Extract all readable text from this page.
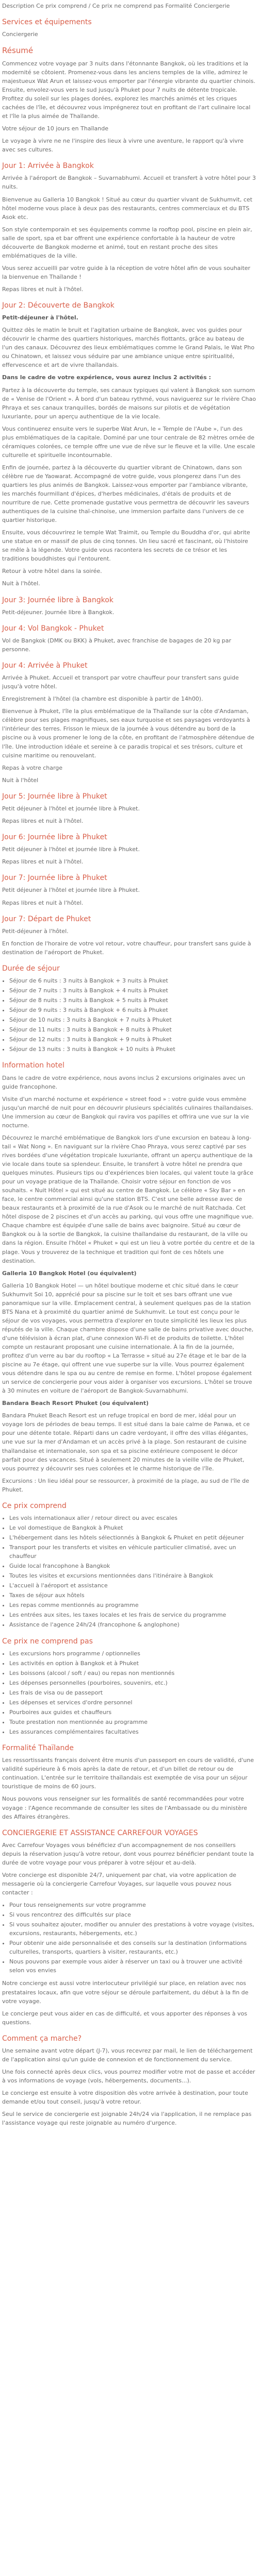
Description Ce prix comprend / Ce prix ne comprend pas Formalité Conciergerie

Services et équipements

Conciergerie

Résumé

Commencez votre voyage par 3 nuits dans l'étonnante Bangkok, où les traditions et la modernité se côtoient. Promenez-vous dans les anciens temples de la ville, admirez le majestueux Wat Arun et laissez-vous emporter par l'énergie vibrante du quartier chinois. Ensuite, envolez-vous vers le sud jusqu'à Phuket pour 7 nuits de détente tropicale. Profitez du soleil sur les plages dorées, explorez les marchés animés et les criques cachées de l'île, et découvrez vous imprégnerez tout en profitant de l'art culinaire local et l'île la plus aimée de Thaïlande.

Votre séjour de 10 jours en Thaïlande

Le voyage à vivre ne ne l'inspire des lieux à vivre une aventure, le rapport qu'à vivre avec ses cultures.

Jour 1: Arrivée à Bangkok

Arrivée à l'aéroport de Bangkok – Suvarnabhumi. Accueil et transfert à votre hôtel pour 3 nuits.

Bienvenue au Galleria 10 Bangkok ! Situé au cœur du quartier vivant de Sukhumvit, cet hôtel moderne vous place à deux pas des restaurants, centres commerciaux et du BTS Asok etc.

Son style contemporain et ses équipements comme la rooftop pool, piscine en plein air, salle de sport, spa et bar offrent une expérience confortable à la hauteur de votre découverte de Bangkok moderne et animé, tout en restant proche des sites emblématiques de la ville.

Vous serez accueilli par votre guide à la réception de votre hôtel afin de vous souhaiter la bienvenue en Thaïlande !

Repas libres et nuit à l'hôtel.

Jour 2: Découverte de Bangkok

Petit-déjeuner à l'hôtel.

Quittez dès le matin le bruit et l'agitation urbaine de Bangkok, avec vos guides pour découvrir le charme des quartiers historiques, marchés flottants, grâce au bateau de l'un des canaux. Découvrez des lieux emblématiques comme le Grand Palais, le Wat Pho ou Chinatown, et laissez vous séduire par une ambiance unique entre spiritualité, effervescence et art de vivre thaïlandais.

Dans le cadre de votre expérience, vous aurez inclus 2 activités :

Partez à la découverte du temple, ses canaux typiques qui valent à Bangkok son surnom de « Venise de l'Orient ». À bord d'un bateau rythmé, vous naviguerez sur le rivière Chao Phraya et ses canaux tranquilles, bordés de maisons sur pilotis et de végétation luxuriante, pour un aperçu authentique de la vie locale.

Vous continuerez ensuite vers le superbe Wat Arun, le « Temple de l'Aube », l'un des plus emblématiques de la capitale. Dominé par une tour centrale de 82 mètres ornée de céramiques colorées, ce temple offre une vue de rêve sur le fleuve et la ville. Une escale culturelle et spirituelle incontournable.

Enfin de journée, partez à la découverte du quartier vibrant de Chinatown, dans son célèbre rue de Yaowarat. Accompagné de votre guide, vous plongerez dans l'un des quartiers les plus animés de Bangkok. Laissez-vous emporter par l'ambiance vibrante, les marchés fourmillant d'épices, d'herbes médicinales, d'étals de produits et de nourriture de rue. Cette promenade gustative vous permettra de découvrir les saveurs authentiques de la cuisine thaï-chinoise, une immersion parfaite dans l'univers de ce quartier historique.

Ensuite, vous découvrirez le temple Wat Traimit, ou Temple du Bouddha d'or, qui abrite une statue en or massif de plus de cinq tonnes. Un lieu sacré et fascinant, où l'histoire se mêle à la légende. Votre guide vous racontera les secrets de ce trésor et les traditions bouddhistes qui l'entourent.

Retour à votre hôtel dans la soirée.

Nuit à l'hôtel.

Jour 3: Journée libre à Bangkok

Petit-déjeuner. Journée libre à Bangkok.

Jour 4: Vol Bangkok - Phuket

Vol de Bangkok (DMK ou BKK) à Phuket, avec franchise de bagages de 20 kg par personne.

Jour 4: Arrivée à Phuket

Arrivée à Phuket. Accueil et transport par votre chauffeur pour transfert sans guide jusqu'à votre hôtel.

Enregistrement à l'hôtel (la chambre est disponible à partir de 14h00).

Bienvenue à Phuket, l'île la plus emblématique de la Thaïlande sur la côte d'Andaman, célèbre pour ses plages magnifiques, ses eaux turquoise et ses paysages verdoyants à l'intérieur des terres. Frisson le mieux de la journée à vous détendre au bord de la piscine ou à vous promener le long de la côte, en profitant de l'atmosphère détendue de l'île. Une introduction idéale et sereine à ce paradis tropical et ses trésors, culture et cuisine maritime ou renouvelant.

Repas à votre charge

Nuit à l'hôtel

Jour 5: Journée libre à Phuket

Petit déjeuner à l'hôtel et journée libre à Phuket.

Repas libres et nuit à l'hôtel.

Jour 6: Journée libre à Phuket

Petit déjeuner à l'hôtel et journée libre à Phuket.

Repas libres et nuit à l'hôtel.

Jour 7: Journée libre à Phuket

Petit déjeuner à l'hôtel et journée libre à Phuket.

Repas libres et nuit à l'hôtel.

Jour 7: Départ de Phuket

Petit-déjeuner à l'hôtel.

En fonction de l'horaire de votre vol retour, votre chauffeur, pour transfert sans guide à destination de l'aéroport de Phuket.

Durée de séjour
• Séjour de 6 nuits : 3 nuits à Bangkok + 3 nuits à Phuket
• Séjour de 7 nuits : 3 nuits à Bangkok + 4 nuits à Phuket
• Séjour de 8 nuits : 3 nuits à Bangkok + 5 nuits à Phuket
• Séjour de 9 nuits : 3 nuits à Bangkok + 6 nuits à Phuket
• Séjour de 10 nuits : 3 nuits à Bangkok + 7 nuits à Phuket
• Séjour de 11 nuits : 3 nuits à Bangkok + 8 nuits à Phuket
• Séjour de 12 nuits : 3 nuits à Bangkok + 9 nuits à Phuket
• Séjour de 13 nuits : 3 nuits à Bangkok + 10 nuits à Phuket
Information hotel

Dans le cadre de votre expérience, nous avons inclus 2 excursions originales avec un guide francophone.

Visite d'un marché nocturne et expérience « street food » : votre guide vous emmène jusqu'un marché de nuit pour en découvrir plusieurs spécialités culinaires thaïlandaises. Une immersion au cœur de Bangkok qui ravira vos papilles et offrira une vue sur la vie nocturne.

Découvrez le marché emblématique de Bangkok lors d'une excursion en bateau à long-tail « Wat Nong ». En naviguant sur la rivière Chao Phraya, vous serez captivé par ses rives bordées d'une végétation tropicale luxuriante, offrant un aperçu authentique de la vie locale dans toute sa splendeur. Ensuite, le transfert à votre hôtel ne prendra que quelques minutes. Plusieurs tips ou d'expériences bien locales, qui valent toute la grâce pour un voyage pratique de la Thaïlande. Choisir votre séjour en fonction de vos souhaits. « Nuit Hôtel » qui est situé au centre de Bangkok. Le célèbre « Sky Bar » en face, le centre commercial ainsi qu'une station BTS. C'est une belle adresse avec de beaux restaurants et à proximité de la rue d'Asok ou le marché de nuit Ratchada. Cet hôtel dispose de 2 piscines et d'un accès au parking, qui vous offre une magnifique vue. Chaque chambre est équipée d'une salle de bains avec baignoire. Situé au cœur de Bangkok ou à la sortie de Bangkok, la cuisine thaïlandaise du restaurant, de la ville ou dans la région. Ensuite l'hôtel « Phuket » qui est un lieu à votre portée du centre et de la plage. Vous y trouverez de la technique et tradition qui font de ces hôtels une destination.

Galleria 10 Bangkok Hotel (ou équivalent)

Galleria 10 Bangkok Hotel — un hôtel boutique moderne et chic situé dans le cœur Sukhumvit Soi 10, apprécié pour sa piscine sur le toit et ses bars offrant une vue panoramique sur la ville. Emplacement central, à seulement quelques pas de la station BTS Nana et à proximité du quartier animé de Sukhumvit. Le tout est conçu pour le séjour de vos voyages, vous permettra d'explorer en toute simplicité les lieux les plus réputés de la ville. Chaque chambre dispose d'une salle de bains privative avec douche, d'une télévision à écran plat, d'une connexion Wi-Fi et de produits de toilette. L'hôtel compte un restaurant proposant une cuisine internationale. À la fin de la journée, profitez d'un verre au bar du rooftop « La Terrasse » situé au 27e étage et le bar de la piscine au 7e étage, qui offrent une vue superbe sur la ville. Vous pourrez également vous détendre dans le spa ou au centre de remise en forme. L'hôtel propose également un service de conciergerie pour vous aider à organiser vos excursions. L'hôtel se trouve à 30 minutes en voiture de l'aéroport de Bangkok-Suvarnabhumi.

Bandara Beach Resort Phuket (ou équivalent)

Bandara Phuket Beach Resort est un refuge tropical en bord de mer, idéal pour un voyage lors de périodes de beau temps. Il est situé dans la baie calme de Panwa, et ce pour une détente totale. Réparti dans un cadre verdoyant, il offre des villas élégantes, une vue sur la mer d'Andaman et un accès privé à la plage. Son restaurant de cuisine thaïlandaise et internationale, son spa et sa piscine extérieure composent le décor parfait pour des vacances. Situé à seulement 20 minutes de la vieille ville de Phuket, vous pourrez y découvrir ses rues colorées et le charme historique de l'île.

Excursions : Un lieu idéal pour se ressourcer, à proximité de la plage, au sud de l'île de Phuket.

Ce prix comprend
• Les vols internationaux aller / retour direct ou avec escales
• Le vol domestique de Bangkok à Phuket
• L'hébergement dans les hôtels sélectionnés à Bangkok & Phuket en petit déjeuner
• Transport pour les transferts et visites en véhicule particulier climatisé, avec un chauffeur
• Guide local francophone à Bangkok
• Toutes les visites et excursions mentionnées dans l'itinéraire à Bangkok
• L'accueil à l'aéroport et assistance
• Taxes de séjour aux hôtels
• Les repas comme mentionnés au programme
• Les entrées aux sites, les taxes locales et les frais de service du programme
• Assistance de l'agence 24h/24 (francophone & anglophone)
Ce prix ne comprend pas
• Les excursions hors programme / optionnelles
• Les activités en option à Bangkok et à Phuket
• Les boissons (alcool / soft / eau) ou repas non mentionnés
• Les dépenses personnelles (pourboires, souvenirs, etc.)
• Les frais de visa ou de passeport
• Les dépenses et services d'ordre personnel
• Pourboires aux guides et chauffeurs
• Toute prestation non mentionnée au programme
• Les assurances complémentaires facultatives
Formalité Thaïlande

Les ressortissants français doivent être munis d'un passeport en cours de validité, d'une validité supérieure à 6 mois après la date de retour, et d'un billet de retour ou de continuation. L'entrée sur le territoire thaïlandais est exemptée de visa pour un séjour touristique de moins de 60 jours.

Nous pouvons vous renseigner sur les formalités de santé recommandées pour votre voyage : l'Agence recommande de consulter les sites de l'Ambassade ou du ministère des Affaires étrangères.

CONCIERGERIE ET ASSISTANCE CARREFOUR VOYAGES

Avec Carrefour Voyages vous bénéficiez d'un accompagnement de nos conseillers depuis la réservation jusqu'à votre retour, dont vous pourrez bénéficier pendant toute la durée de votre voyage pour vous préparer à votre séjour et au-delà.

Votre concierge est disponible 24/7, uniquement par chat, via votre application de messagerie où la conciergerie Carrefour Voyages, sur laquelle vous pouvez nous contacter :

• Pour tous renseignements sur votre programme
• Si vous rencontrez des difficultés sur place
• Si vous souhaitez ajouter, modifier ou annuler des prestations à votre voyage (visites, excursions, restaurants, hébergements, etc.)
• Pour obtenir une aide personnalisée et des conseils sur la destination (informations culturelles, transports, quartiers à visiter, restaurants, etc.)
• Nous pouvons par exemple vous aider à réserver un taxi ou à trouver une activité selon vos envies

Notre concierge est aussi votre interlocuteur privilégié sur place, en relation avec nos prestataires locaux, afin que votre séjour se déroule parfaitement, du début à la fin de votre voyage.

Le concierge peut vous aider en cas de difficulté, et vous apporter des réponses à vos questions.

Comment ça marche?

Une semaine avant votre départ (J-7), vous recevrez par mail, le lien de téléchargement de l'application ainsi qu'un guide de connexion et de fonctionnement du service.

Une fois connecté après deux clics, vous pourrez modifier votre mot de passe et accéder à vos informations de voyage (vols, hébergements, documents...).

Le concierge est ensuite à votre disposition dès votre arrivée à destination, pour toute demande et/ou tout conseil, jusqu'à votre retour.

Seul le service de conciergerie est joignable 24h/24 via l'application, il ne remplace pas l'assistance voyage qui reste joignable au numéro d'urgence.
